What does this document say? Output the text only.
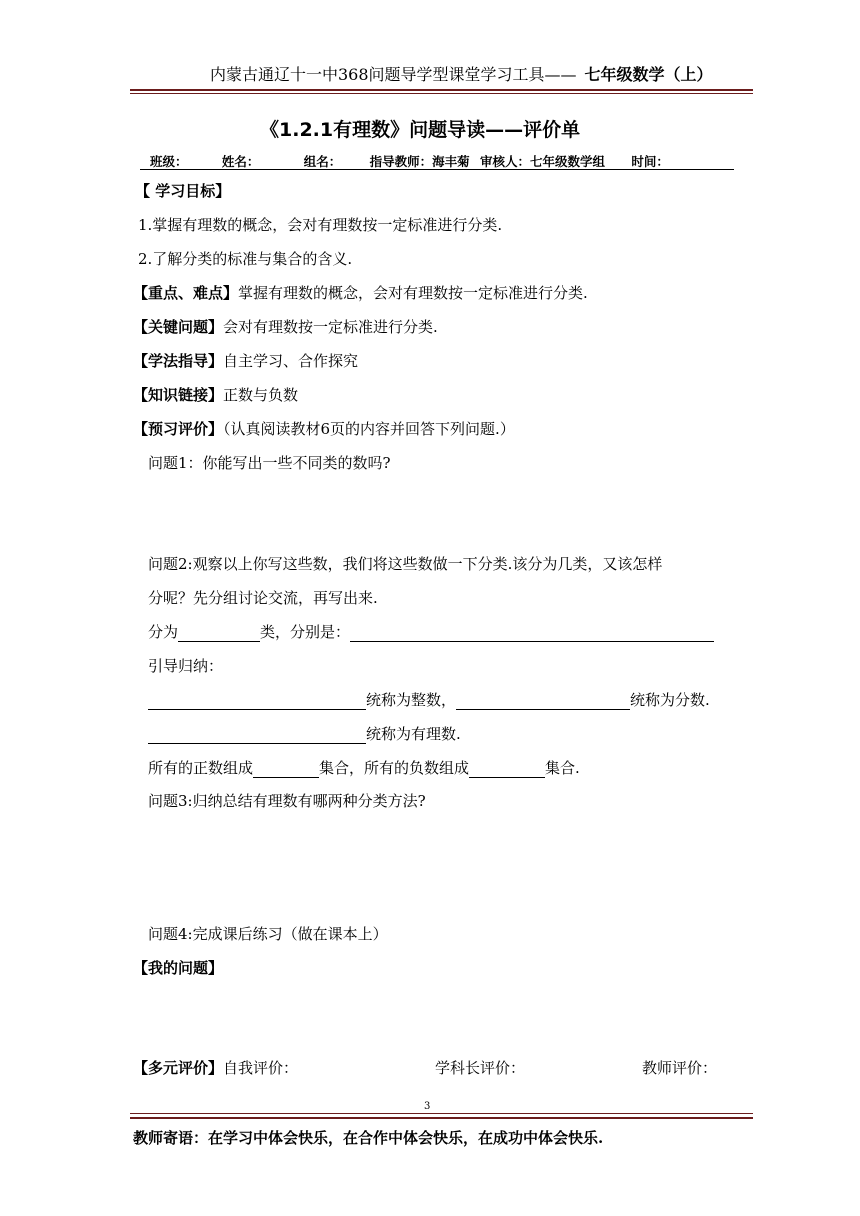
内蒙古通辽十一中368问题导学型课堂学习工具—— 七年级数学（上）
《1.2.1有理数》问题导读——评价单
班级：	姓名：	组名： 指导教师：海丰菊 审核人：七年级数学组 时间：
【 学习目标】
1.掌握有理数的概念，会对有理数按一定标准进行分类.
2.了解分类的标准与集合的含义.
【重点、难点】掌握有理数的概念，会对有理数按一定标准进行分类.
【关键问题】会对有理数按一定标准进行分类.
【学法指导】自主学习、合作探究
【知识链接】正数与负数
【预习评价】（认真阅读教材6页的内容并回答下列问题.）
问题1：你能写出一些不同类的数吗?
问题2:观察以上你写这些数，我们将这些数做一下分类.该分为几类，又该怎样
分呢？先分组讨论交流，再写出来.
分为	类，分别是：
引导归纳：
统称为整数，	统称为分数.
统称为有理数.
所有的正数组成	集合，所有的负数组成	集合.
问题3:归纳总结有理数有哪两种分类方法?
问题4:完成课后练习（做在课本上）
【我的问题】
【多元评价】自我评价：	学科长评价：	教师评价：
3
教师寄语：在学习中体会快乐，在合作中体会快乐，在成功中体会快乐.
